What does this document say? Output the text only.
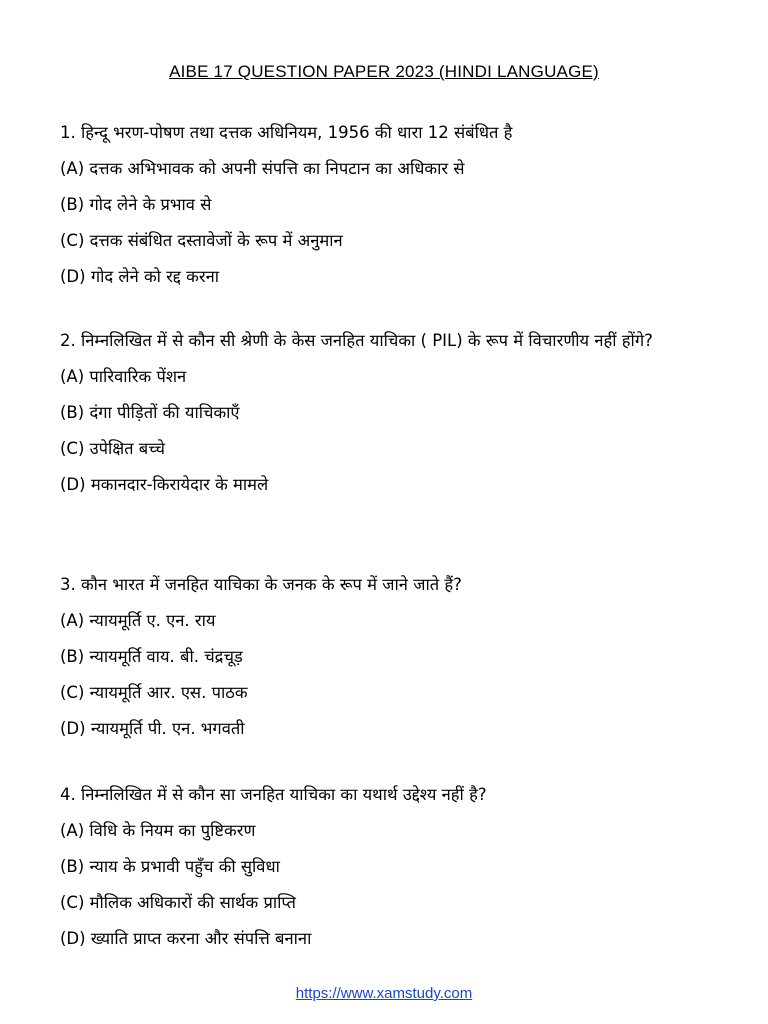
AIBE 17 QUESTION PAPER 2023 (HINDI LANGUAGE)
1. हिन्दू भरण-पोषण तथा दत्तक अधिनियम, 1956 की धारा 12 संबंधित है
(A) दत्तक अभिभावक को अपनी संपत्ति का निपटान का अधिकार से
(B) गोद लेने के प्रभाव से
(C) दत्तक संबंधित दस्तावेजों के रूप में अनुमान
(D) गोद लेने को रद्द करना
2. निम्नलिखित में से कौन सी श्रेणी के केस जनहित याचिका ( PIL) के रूप में विचारणीय नहीं होंगे?
(A) पारिवारिक पेंशन
(B) दंगा पीड़ितों की याचिकाएँ
(C) उपेक्षित बच्चे
(D) मकानदार-किरायेदार के मामले
3. कौन भारत में जनहित याचिका के जनक के रूप में जाने जाते हैं?
(A) न्यायमूर्ति ए. एन. राय
(B) न्यायमूर्ति वाय. बी. चंद्रचूड़
(C) न्यायमूर्ति आर. एस. पाठक
(D) न्यायमूर्ति पी. एन. भगवती
4. निम्नलिखित में से कौन सा जनहित याचिका का यथार्थ उद्देश्य नहीं है?
(A) विधि के नियम का पुष्टिकरण
(B) न्याय के प्रभावी पहुँच की सुविधा
(C) मौलिक अधिकारों की सार्थक प्राप्ति
(D) ख्याति प्राप्त करना और संपत्ति बनाना
https://www.xamstudy.com
